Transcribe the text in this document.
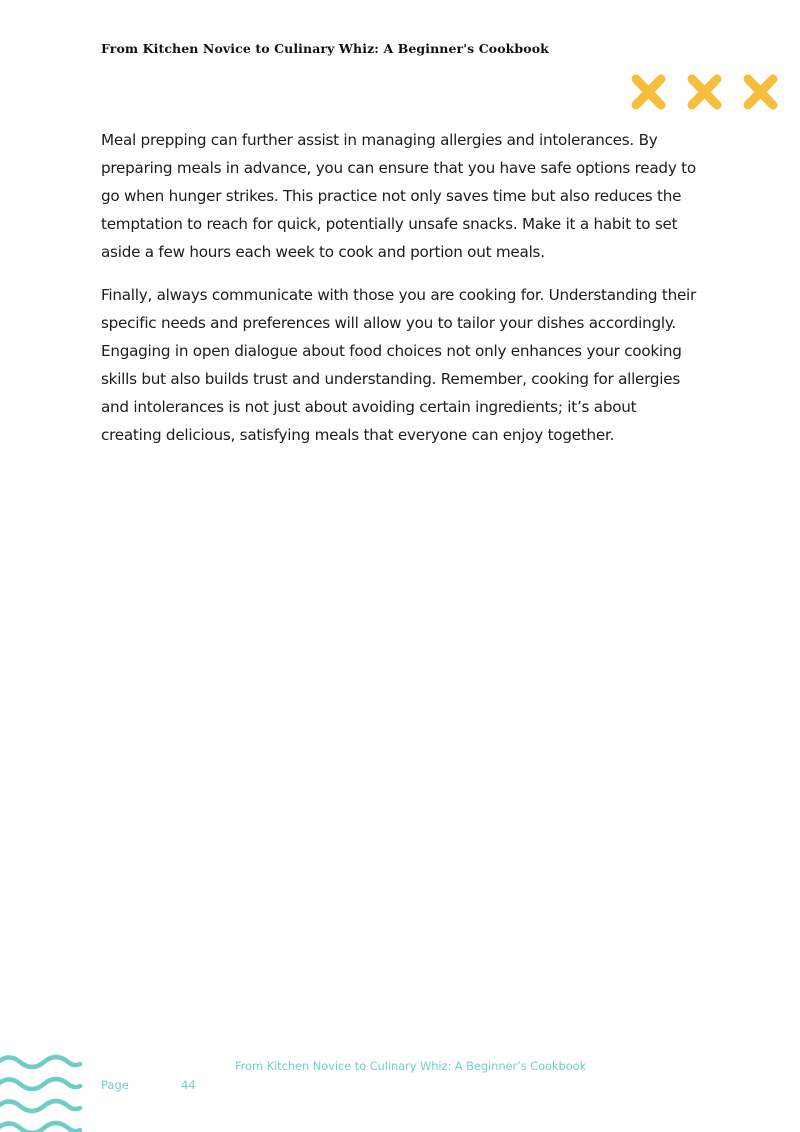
From Kitchen Novice to Culinary Whiz: A Beginner's Cookbook

Meal prepping can further assist in managing allergies and intolerances. By preparing meals in advance, you can ensure that you have safe options ready to go when hunger strikes. This practice not only saves time but also reduces the temptation to reach for quick, potentially unsafe snacks. Make it a habit to set aside a few hours each week to cook and portion out meals.

Finally, always communicate with those you are cooking for. Understanding their specific needs and preferences will allow you to tailor your dishes accordingly. Engaging in open dialogue about food choices not only enhances your cooking skills but also builds trust and understanding. Remember, cooking for allergies and intolerances is not just about avoiding certain ingredients; it’s about creating delicious, satisfying meals that everyone can enjoy together.

From Kitchen Novice to Culinary Whiz: A Beginner’s Cookbook
Page	44
